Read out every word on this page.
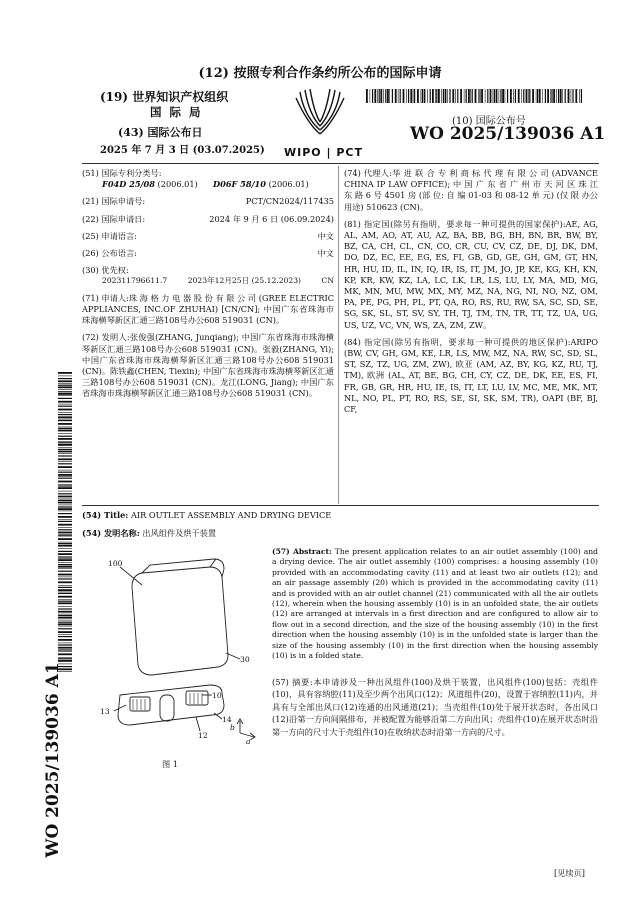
(12) 按照专利合作条约所公布的国际申请
(19) 世界知识产权组织
国 际 局
(43) 国际公布日
2025 年 7 月 3 日 (03.07.2025) WIPO | PCT
(10) 国际公布号
WO 2025/139036 A1
WO 2025/139036 A1
(51) 国际专利分类号:
F04D 25/08 (2006.01) D06F 58/10 (2006.01)
(21) 国际申请号:	PCT/CN2024/117435
(22) 国际申请日:	2024 年 9 月 6 日 (06.09.2024)
(25) 申请语言:	中文
(26) 公布语言:	中文
(30) 优先权:
202311796611.7	2023年12月25日 (25.12.2023)	CN
(71) 申请人:珠 海 格 力 电 器 股 份 有 限 公 司 (GREE ELECTRIC APPLIANCES, INC.OF ZHUHAI) [CN/CN]; 中国广东省珠海市珠海横琴新区汇通三路108号办公608 519031 (CN)。
(72) 发明人:张俊强(ZHANG, Junqiang); 中国广东省珠海市珠海横琴新区汇通三路108号办公608 519031 (CN)。张毅(ZHANG, Yi); 中国广东省珠海市珠海横琴新区汇通三路108号办公608 519031 (CN)。陈铁鑫(CHEN, Tiexin); 中国广东省珠海市珠海横琴新区汇通三路108号办公608 519031 (CN)。龙江(LONG, Jiang); 中国广东省珠海市珠海横琴新区汇通三路108号办公608 519031 (CN)。
(74) 代理人:华 进 联 合 专 利 商 标 代 理 有 限 公 司 (ADVANCE CHINA IP LAW OFFICE); 中 国 广 东 省 广 州 市 天 河 区 珠 江 东 路 6 号 4501 房 (部 位: 自 编 01-03 和 08-12 单 元) (仅 限 办公用途) 510623 (CN)。
(81) 指定国(除另有指明，要求每一种可提供的国家保护):AE, AG, AL, AM, AO, AT, AU, AZ, BA, BB, BG, BH, BN, BR, BW, BY, BZ, CA, CH, CL, CN, CO, CR, CU, CV, CZ, DE, DJ, DK, DM, DO, DZ, EC, EE, EG, ES, FI, GB, GD, GE, GH, GM, GT, HN, HR, HU, ID, IL, IN, IQ, IR, IS, IT, JM, JO, JP, KE, KG, KH, KN, KP, KR, KW, KZ, LA, LC, LK, LR, LS, LU, LY, MA, MD, MG, MK, MN, MU, MW, MX, MY, MZ, NA, NG, NI, NO, NZ, OM, PA, PE, PG, PH, PL, PT, QA, RO, RS, RU, RW, SA, SC, SD, SE, SG, SK, SL, ST, SV, SY, TH, TJ, TM, TN, TR, TT, TZ, UA, UG, US, UZ, VC, VN, WS, ZA, ZM, ZW。
(84) 指定国(除另有指明，要求每一种可提供的地区保护):ARIPO (BW, CV, GH, GM, KE, LR, LS, MW, MZ, NA, RW, SC, SD, SL, ST, SZ, TZ, UG, ZM, ZW), 欧亚 (AM, AZ, BY, KG, KZ, RU, TJ, TM), 欧洲 (AL, AT, BE, BG, CH, CY, CZ, DE, DK, EE, ES, FI, FR, GB, GR, HR, HU, IE, IS, IT, LT, LU, LV, MC, ME, MK, MT, NL, NO, PL, PT, RO, RS, SE, SI, SK, SM, TR), OAPI (BF, BJ, CF,
(54) Title: AIR OUTLET ASSEMBLY AND DRYING DEVICE
(54) 发明名称: 出风组件及烘干装置
100
30
10
13
14
12
b
a
图 1
(57) Abstract: The present application relates to an air outlet assembly (100) and a drying device. The air outlet assembly (100) comprises: a housing assembly (10) provided with an accommodating cavity (11) and at least two air outlets (12); and an air passage assembly (20) which is provided in the accommodating cavity (11) and is provided with an air outlet channel (21) communicated with all the air outlets (12), wherein when the housing assembly (10) is in an unfolded state, the air outlets (12) are arranged at intervals in a first direction and are configured to allow air to flow out in a second direction, and the size of the housing assembly (10) in the first direction when the housing assembly (10) is in the unfolded state is larger than the size of the housing assembly (10) in the first direction when the housing assembly (10) is in a folded state.
(57) 摘要:本申请涉及一种出风组件(100)及烘干装置，出风组件(100)包括：壳组件(10)，具有容纳腔(11)及至少两个出风口(12)；风道组件(20)，设置于容纳腔(11)内，并具有与全部出风口(12)连通的出风通道(21)；当壳组件(10)处于展开状态时，各出风口(12)沿第一方向间隔排布，并被配置为能够沿第二方向出风；壳组件(10)在展开状态时沿第一方向的尺寸大于壳组件(10)在收纳状态时沿第一方向的尺寸。
[见续页]
